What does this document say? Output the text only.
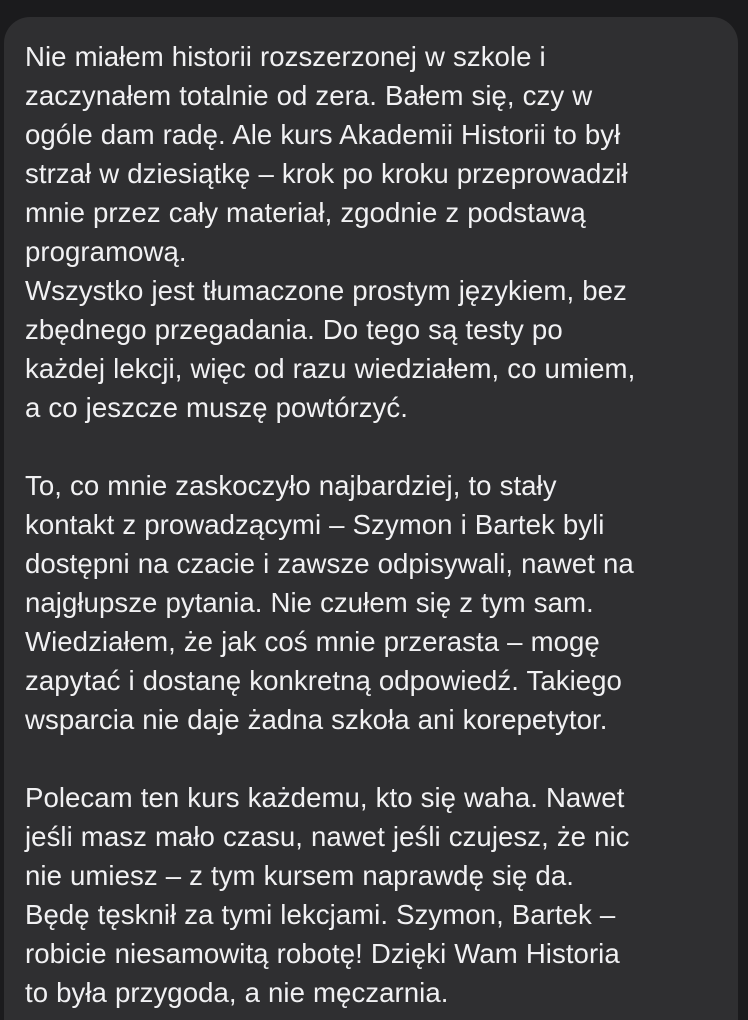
Nie miałem historii rozszerzonej w szkole i
zaczynałem totalnie od zera. Bałem się, czy w
ogóle dam radę. Ale kurs Akademii Historii to był
strzał w dziesiątkę – krok po kroku przeprowadził
mnie przez cały materiał, zgodnie z podstawą
programową.
Wszystko jest tłumaczone prostym językiem, bez
zbędnego przegadania. Do tego są testy po
każdej lekcji, więc od razu wiedziałem, co umiem,
a co jeszcze muszę powtórzyć.

To, co mnie zaskoczyło najbardziej, to stały
kontakt z prowadzącymi – Szymon i Bartek byli
dostępni na czacie i zawsze odpisywali, nawet na
najgłupsze pytania. Nie czułem się z tym sam.
Wiedziałem, że jak coś mnie przerasta – mogę
zapytać i dostanę konkretną odpowiedź. Takiego
wsparcia nie daje żadna szkoła ani korepetytor.

Polecam ten kurs każdemu, kto się waha. Nawet
jeśli masz mało czasu, nawet jeśli czujesz, że nic
nie umiesz – z tym kursem naprawdę się da.
Będę tęsknił za tymi lekcjami. Szymon, Bartek –
robicie niesamowitą robotę! Dzięki Wam Historia
to była przygoda, a nie męczarnia.
